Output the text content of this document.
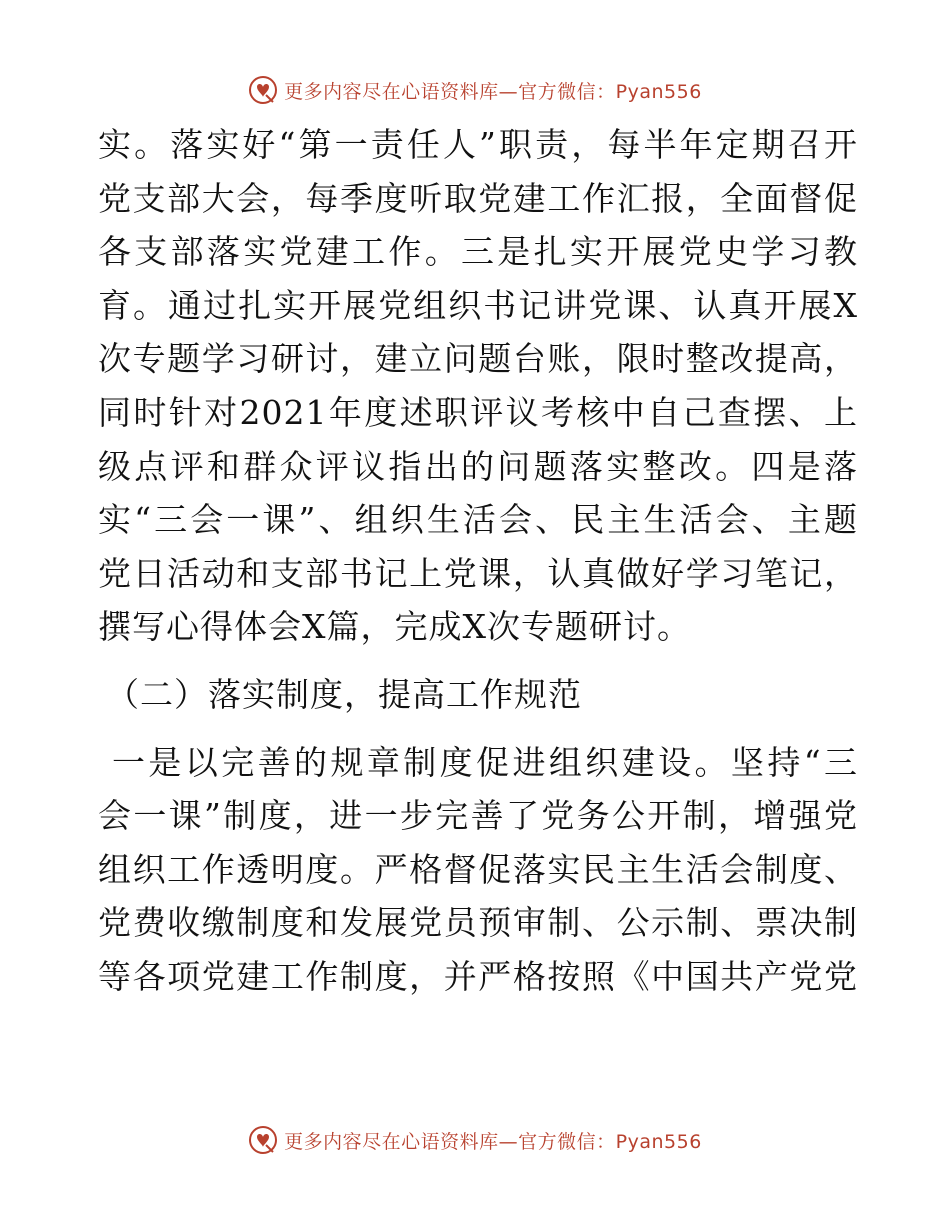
更多内容尽在心语资料库—官方微信：Pyan556
实。落实好“第一责任人”职责，每半年定期召开
党支部大会，每季度听取党建工作汇报，全面督促
各支部落实党建工作。三是扎实开展党史学习教
育。通过扎实开展党组织书记讲党课、认真开展X
次专题学习研讨，建立问题台账，限时整改提高，
同时针对2021年度述职评议考核中自己查摆、上
级点评和群众评议指出的问题落实整改。四是落
实“三会一课”、组织生活会、民主生活会、主题
党日活动和支部书记上党课，认真做好学习笔记，
撰写心得体会X篇，完成X次专题研讨。
（二）落实制度，提高工作规范
一是以完善的规章制度促进组织建设。坚持“三
会一课”制度，进一步完善了党务公开制，增强党
组织工作透明度。严格督促落实民主生活会制度、
党费收缴制度和发展党员预审制、公示制、票决制
等各项党建工作制度，并严格按照《中国共产党党
更多内容尽在心语资料库—官方微信：Pyan556
